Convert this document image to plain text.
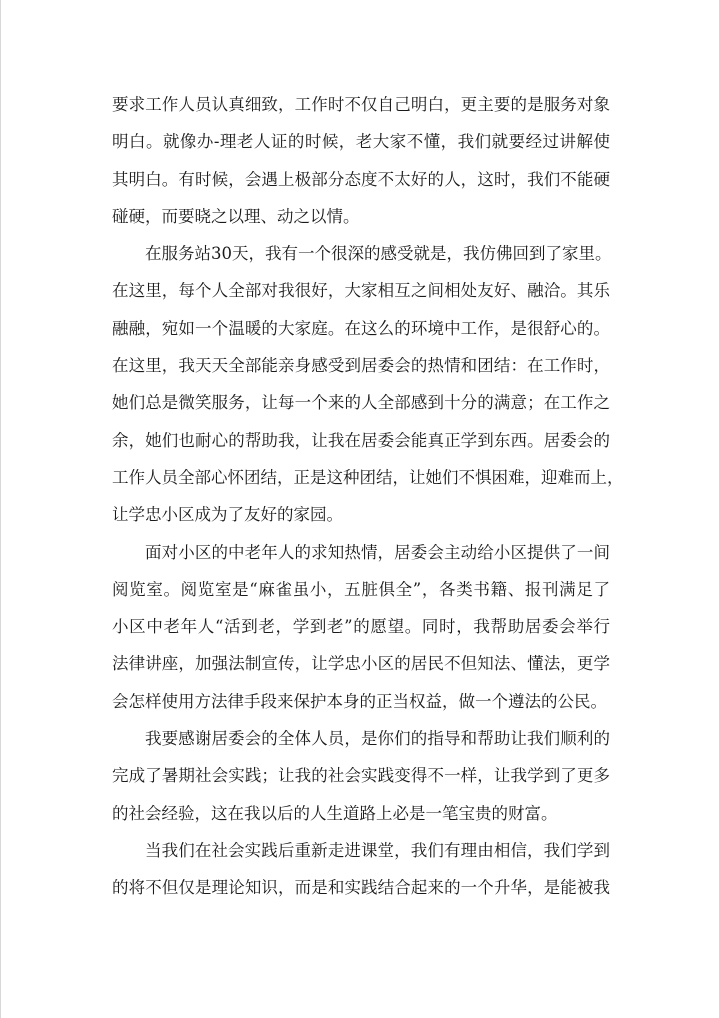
要求工作人员认真细致，工作时不仅自己明白，更主要的是服务对象
明白。就像办-理老人证的时候，老大家不懂，我们就要经过讲解使
其明白。有时候，会遇上极部分态度不太好的人，这时，我们不能硬
碰硬，而要晓之以理、动之以情。
在服务站30天，我有一个很深的感受就是，我仿佛回到了家里。
在这里，每个人全部对我很好，大家相互之间相处友好、融洽。其乐
融融，宛如一个温暖的大家庭。在这么的环境中工作，是很舒心的。
在这里，我天天全部能亲身感受到居委会的热情和团结：在工作时，
她们总是微笑服务，让每一个来的人全部感到十分的满意；在工作之
余，她们也耐心的帮助我，让我在居委会能真正学到东西。居委会的
工作人员全部心怀团结，正是这种团结，让她们不惧困难，迎难而上，
让学忠小区成为了友好的家园。
面对小区的中老年人的求知热情，居委会主动给小区提供了一间
阅览室。阅览室是“麻雀虽小，五脏俱全”，各类书籍、报刊满足了
小区中老年人“活到老，学到老”的愿望。同时，我帮助居委会举行
法律讲座，加强法制宣传，让学忠小区的居民不但知法、懂法，更学
会怎样使用方法律手段来保护本身的正当权益，做一个遵法的公民。
我要感谢居委会的全体人员，是你们的指导和帮助让我们顺利的
完成了暑期社会实践；让我的社会实践变得不一样，让我学到了更多
的社会经验，这在我以后的人生道路上必是一笔宝贵的财富。
当我们在社会实践后重新走进课堂，我们有理由相信，我们学到
的将不但仅是理论知识，而是和实践结合起来的一个升华，是能被我
